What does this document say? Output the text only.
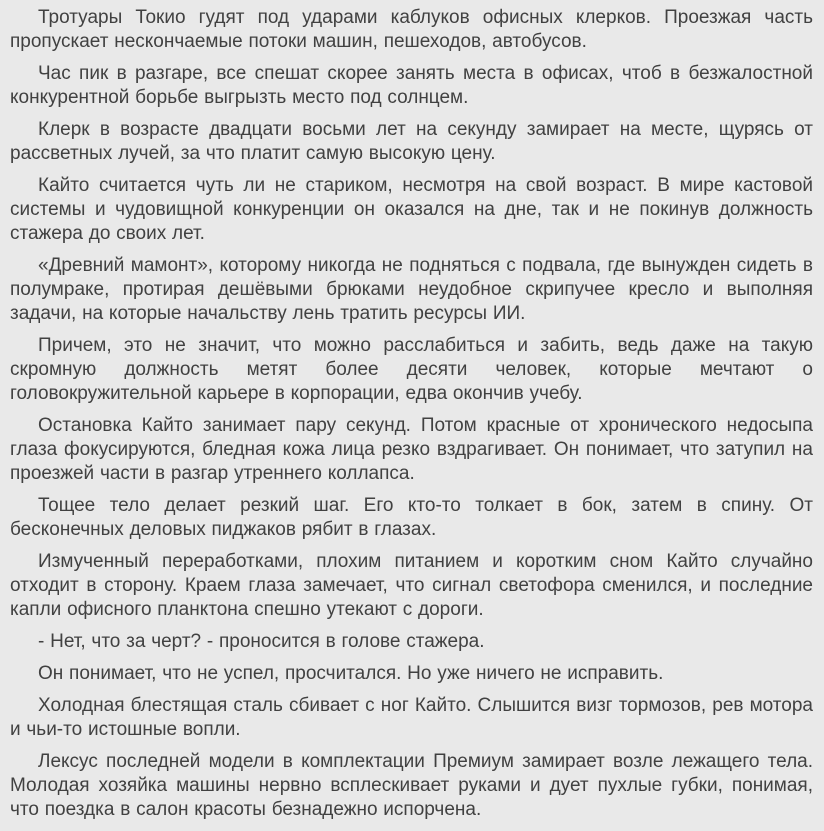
Тротуары Токио гудят под ударами каблуков офисных клерков. Проезжая часть пропускает нескончаемые потоки машин, пешеходов, автобусов.

Час пик в разгаре, все спешат скорее занять места в офисах, чтоб в безжалостной конкурентной борьбе выгрызть место под солнцем.

Клерк в возрасте двадцати восьми лет на секунду замирает на месте, щурясь от рассветных лучей, за что платит самую высокую цену.

Кайто считается чуть ли не стариком, несмотря на свой возраст. В мире кастовой системы и чудовищной конкуренции он оказался на дне, так и не покинув должность стажера до своих лет.

«Древний мамонт», которому никогда не подняться с подвала, где вынужден сидеть в полумраке, протирая дешёвыми брюками неудобное скрипучее кресло и выполняя задачи, на которые начальству лень тратить ресурсы ИИ.

Причем, это не значит, что можно расслабиться и забить, ведь даже на такую скромную должность метят более десяти человек, которые мечтают о головокружительной карьере в корпорации, едва окончив учебу.

Остановка Кайто занимает пару секунд. Потом красные от хронического недосыпа глаза фокусируются, бледная кожа лица резко вздрагивает. Он понимает, что затупил на проезжей части в разгар утреннего коллапса.

Тощее тело делает резкий шаг. Его кто-то толкает в бок, затем в спину. От бесконечных деловых пиджаков рябит в глазах.

Измученный переработками, плохим питанием и коротким сном Кайто случайно отходит в сторону. Краем глаза замечает, что сигнал светофора сменился, и последние капли офисного планктона спешно утекают с дороги.

- Нет, что за черт? - проносится в голове стажера.

Он понимает, что не успел, просчитался. Но уже ничего не исправить.

Холодная блестящая сталь сбивает с ног Кайто. Слышится визг тормозов, рев мотора и чьи-то истошные вопли.

Лексус последней модели в комплектации Премиум замирает возле лежащего тела. Молодая хозяйка машины нервно всплескивает руками и дует пухлые губки, понимая, что поездка в салон красоты безнадежно испорчена.
